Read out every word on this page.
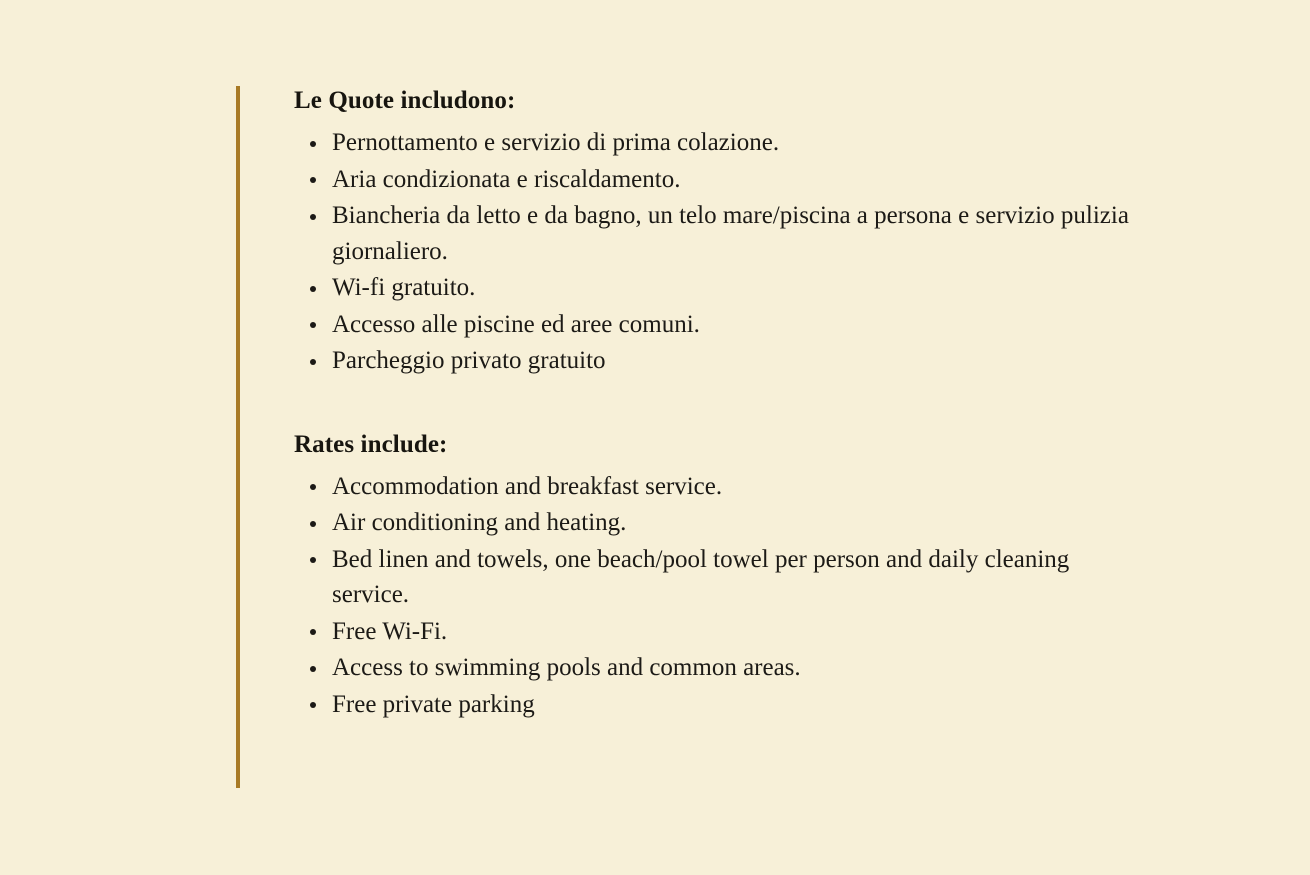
Le Quote includono:
Pernottamento e servizio di prima colazione.
Aria condizionata e riscaldamento.
Biancheria da letto e da bagno, un telo mare/piscina a persona e servizio pulizia giornaliero.
Wi-fi gratuito.
Accesso alle piscine ed aree comuni.
Parcheggio privato gratuito
Rates include:
Accommodation and breakfast service.
Air conditioning and heating.
Bed linen and towels, one beach/pool towel per person and daily cleaning service.
Free Wi-Fi.
Access to swimming pools and common areas.
Free private parking
